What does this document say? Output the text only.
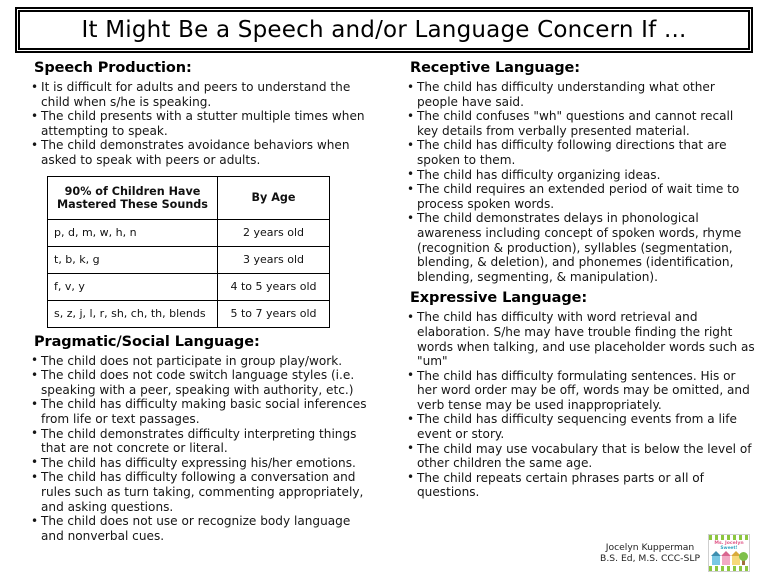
It Might Be a Speech and/or Language Concern If ...
Speech Production:
• It is difficult for adults and peers to understand the child when s/he is speaking.
• The child presents with a stutter multiple times when attempting to speak.
• The child demonstrates avoidance behaviors when asked to speak with peers or adults.
90% of Children Have Mastered These Sounds	By Age
p, d, m, w, h, n	2 years old
t, b, k, g	3 years old
f, v, y	4 to 5 years old
s, z, j, l, r, sh, ch, th, blends	5 to 7 years old
Pragmatic/Social Language:
• The child does not participate in group play/work.
• The child does not code switch language styles (i.e. speaking with a peer, speaking with authority, etc.)
• The child has difficulty making basic social inferences from life or text passages.
• The child demonstrates difficulty interpreting things that are not concrete or literal.
• The child has difficulty expressing his/her emotions.
• The child has difficulty following a conversation and rules such as turn taking, commenting appropriately, and asking questions.
• The child does not use or recognize body language and nonverbal cues.
Receptive Language:
• The child has difficulty understanding what other people have said.
• The child confuses "wh" questions and cannot recall key details from verbally presented material.
• The child has difficulty following directions that are spoken to them.
• The child has difficulty organizing ideas.
• The child requires an extended period of wait time to process spoken words.
• The child demonstrates delays in phonological awareness including concept of spoken words, rhyme (recognition & production), syllables (segmentation, blending, & deletion), and phonemes (identification, blending, segmenting, & manipulation).
Expressive Language:
• The child has difficulty with word retrieval and elaboration. S/he may have trouble finding the right words when talking, and use placeholder words such as "um"
• The child has difficulty formulating sentences. His or her word order may be off, words may be omitted, and verb tense may be used inappropriately.
• The child has difficulty sequencing events from a life event or story.
• The child may use vocabulary that is below the level of other children the same age.
• The child repeats certain phrases parts or all of questions.
Jocelyn Kupperman
B.S. Ed, M.S. CCC-SLP
Ms. Jocelyn
Sweet!
